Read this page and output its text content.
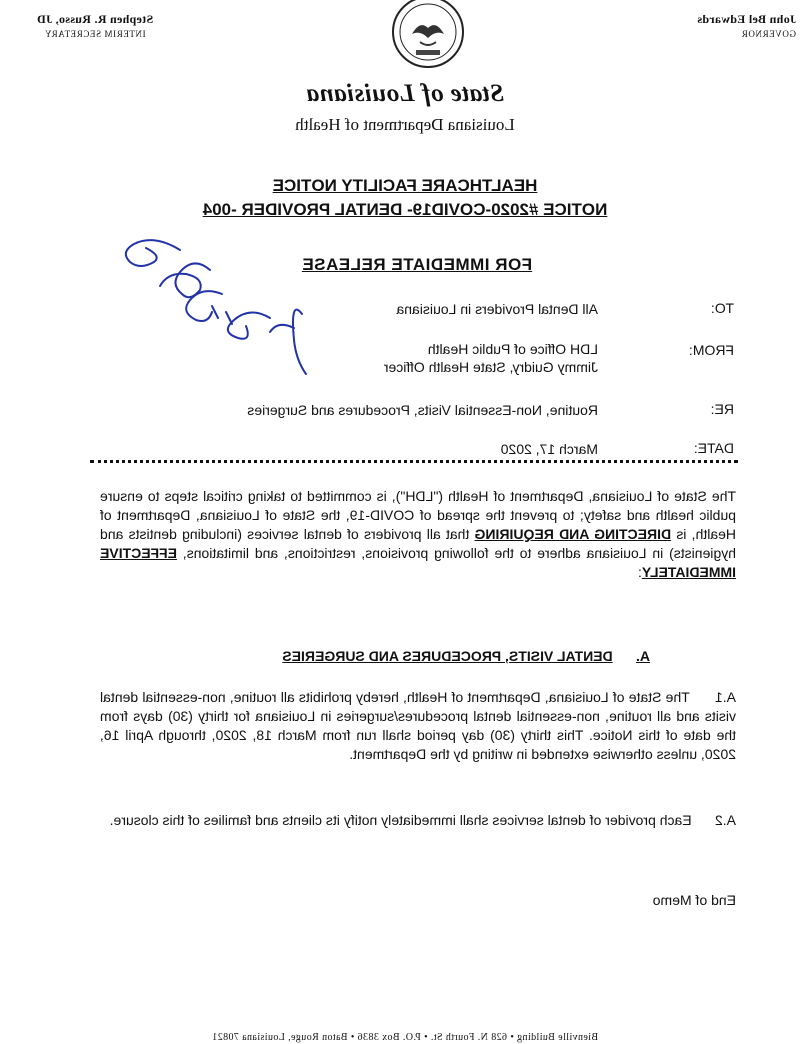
John Bel Edwards
GOVERNOR
Stephen R. Russo, JD
INTERIM SECRETARY
State of Louisiana
Louisiana Department of Health
HEALTHCARE FACILITY NOTICE
NOTICE #2020-COVID19- DENTAL PROVIDER -004
FOR IMMEDIATE RELEASE
TO:
All Dental Providers in Louisiana
FROM:
LDH Office of Public Health
Jimmy Guidry, State Health Officer
RE:
Routine, Non-Essential Visits, Procedures and Surgeries
DATE:
March 17, 2020
The State of Louisiana, Department of Health ("LDH"), is committed to taking critical steps to ensure public health and safety; to prevent the spread of COVID-19, the State of Louisiana, Department of Health, is DIRECTING AND REQUIRING that all providers of dental services (including dentists and hygienists) in Louisiana adhere to the following provisions, restrictions, and limitations, EFFECTIVE IMMEDIATELY:
A.      DENTAL VISITS, PROCEDURES AND SURGERIES
A.1      The State of Louisiana, Department of Health, hereby prohibits all routine, non-essential dental visits and all routine, non-essential dental procedures/surgeries in Louisiana for thirty (30) days from the date of this Notice. This thirty (30) day period shall run from March 18, 2020, through April 16, 2020, unless otherwise extended in writing by the Department.
A.2      Each provider of dental services shall immediately notify its clients and families of this closure.
End of Memo
Bienville Building • 628 N. Fourth St. • P.O. Box 3836 • Baton Rouge, Louisiana 70821
